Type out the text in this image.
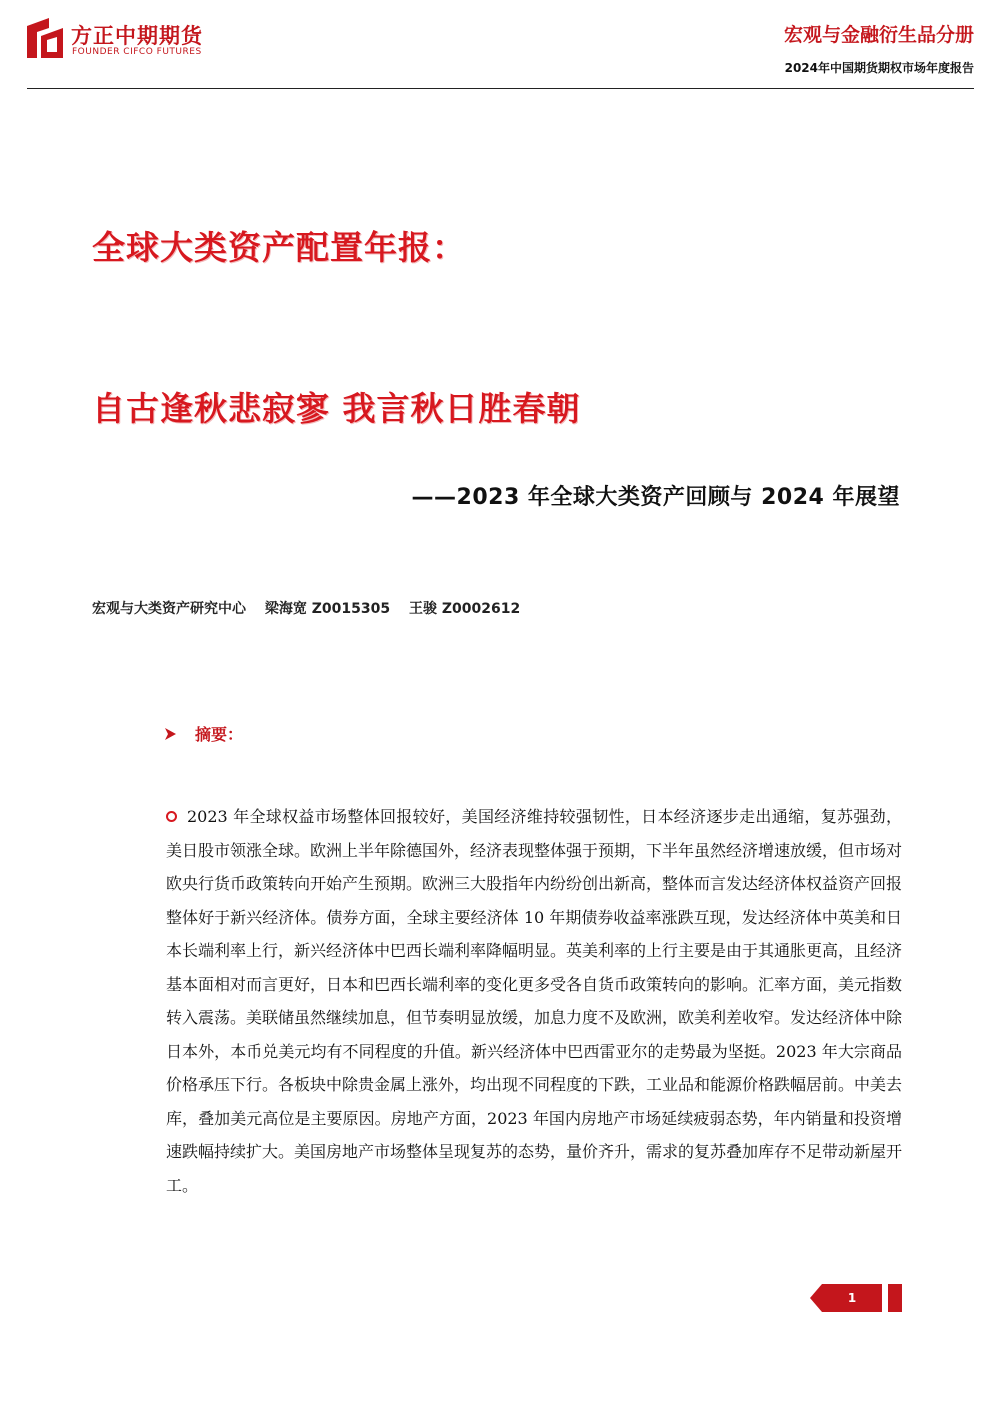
方正中期期货
FOUNDER CIFCO FUTURES
宏观与金融衍生品分册
2024年中国期货期权市场年度报告
全球大类资产配置年报：
自古逢秋悲寂寥 我言秋日胜春朝
——2023 年全球大类资产回顾与 2024 年展望
宏观与大类资产研究中心 梁海宽 Z0015305 王骏 Z0002612
摘要：

2023 年全球权益市场整体回报较好，美国经济维持较强韧性，日本经济逐步走出通缩，复苏强劲，美日股市领涨全球。欧洲上半年除德国外，经济表现整体强于预期，下半年虽然经济增速放缓，但市场对欧央行货币政策转向开始产生预期。欧洲三大股指年内纷纷创出新高，整体而言发达经济体权益资产回报整体好于新兴经济体。债券方面，全球主要经济体 10 年期债券收益率涨跌互现，发达经济体中英美和日本长端利率上行，新兴经济体中巴西长端利率降幅明显。英美利率的上行主要是由于其通胀更高，且经济基本面相对而言更好，日本和巴西长端利率的变化更多受各自货币政策转向的影响。汇率方面，美元指数转入震荡。美联储虽然继续加息，但节奏明显放缓，加息力度不及欧洲，欧美利差收窄。发达经济体中除日本外，本币兑美元均有不同程度的升值。新兴经济体中巴西雷亚尔的走势最为坚挺。2023 年大宗商品价格承压下行。各板块中除贵金属上涨外，均出现不同程度的下跌，工业品和能源价格跌幅居前。中美去库，叠加美元高位是主要原因。房地产方面，2023 年国内房地产市场延续疲弱态势，年内销量和投资增速跌幅持续扩大。美国房地产市场整体呈现复苏的态势，量价齐升，需求的复苏叠加库存不足带动新屋开工。

1
